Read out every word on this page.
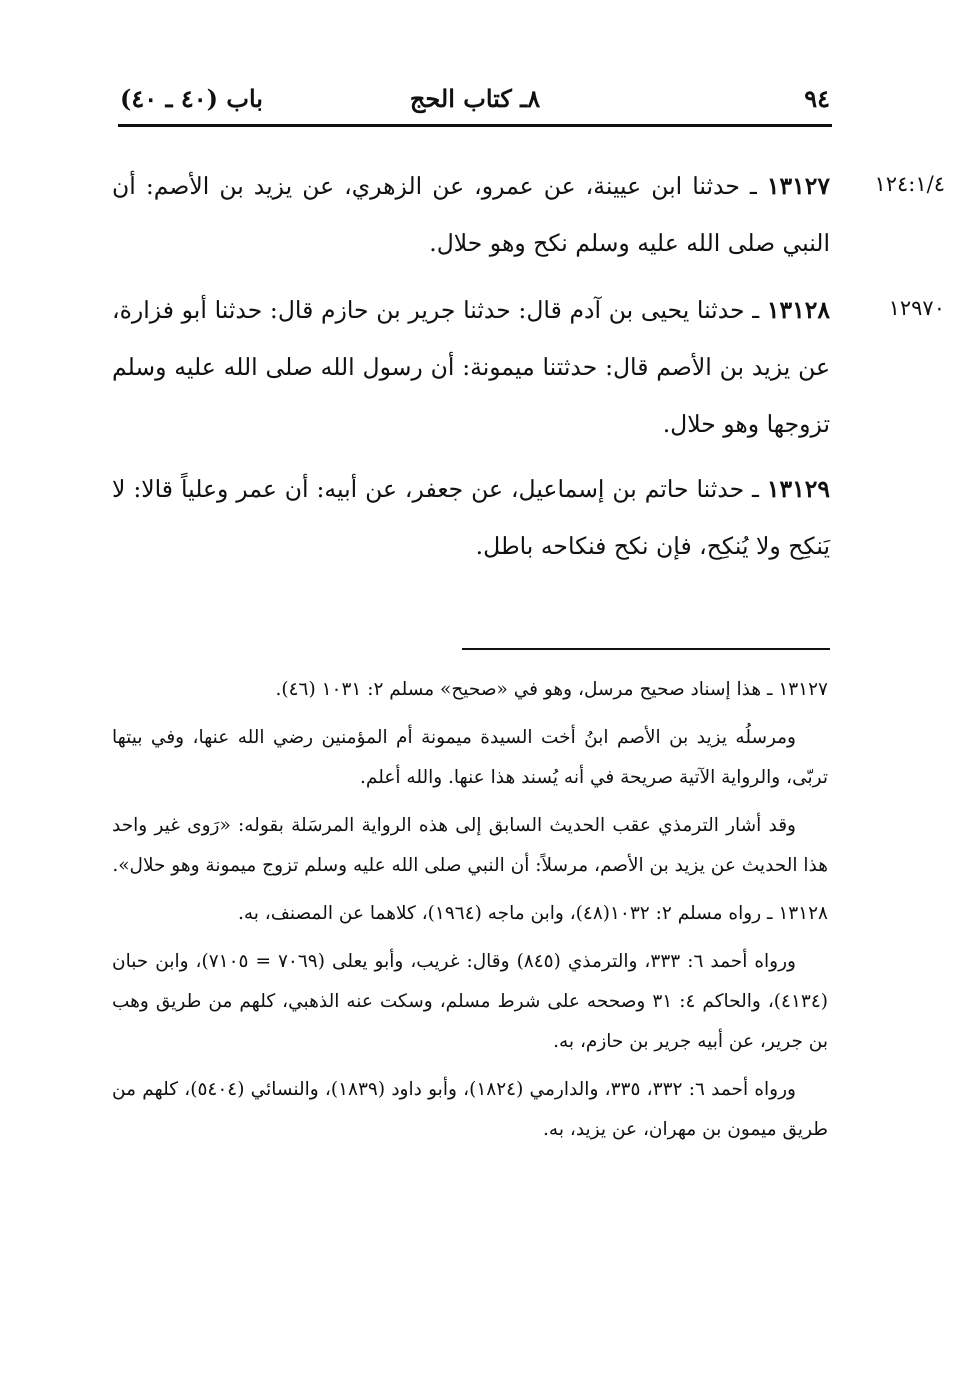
٩٤
٨ـ كتاب الحج
باب (٤٠ ـ ٤٠)
١٢٤:١/٤
١٢٩٧٠
١٣١٢٧ ـ حدثنا ابن عيينة، عن عمرو، عن الزهري، عن يزيد بن الأصم: أن النبي صلى الله عليه وسلم نكح وهو حلال.
١٣١٢٨ ـ حدثنا يحيى بن آدم قال: حدثنا جرير بن حازم قال: حدثنا أبو فزارة، عن يزيد بن الأصم قال: حدثتنا ميمونة: أن رسول الله صلى الله عليه وسلم تزوجها وهو حلال.
١٣١٢٩ ـ حدثنا حاتم بن إسماعيل، عن جعفر، عن أبيه: أن عمر وعلياً قالا: لا يَنكِح ولا يُنكِح، فإن نكح فنكاحه باطل.

١٣١٢٧ ـ هذا إسناد صحيح مرسل، وهو في «صحيح» مسلم ٢: ١٠٣١ (٤٦).

ومرسلُه يزيد بن الأصم ابنُ أخت السيدة ميمونة أم المؤمنين رضي الله عنها، وفي بيتها تربّى، والرواية الآتية صريحة في أنه يُسند هذا عنها. والله أعلم.

وقد أشار الترمذي عقب الحديث السابق إلى هذه الرواية المرسَلة بقوله: «رَوى غير واحد هذا الحديث عن يزيد بن الأصم، مرسلاً: أن النبي صلى الله عليه وسلم تزوج ميمونة وهو حلال».

١٣١٢٨ ـ رواه مسلم ٢: ١٠٣٢(٤٨)، وابن ماجه (١٩٦٤)، كلاهما عن المصنف، به.

ورواه أحمد ٦: ٣٣٣، والترمذي (٨٤٥) وقال: غريب، وأبو يعلى (٧٠٦٩ = ٧١٠٥)، وابن حبان (٤١٣٤)، والحاكم ٤: ٣١ وصححه على شرط مسلم، وسكت عنه الذهبي، كلهم من طريق وهب بن جرير، عن أبيه جرير بن حازم، به.

ورواه أحمد ٦: ٣٣٢، ٣٣٥، والدارمي (١٨٢٤)، وأبو داود (١٨٣٩)، والنسائي (٥٤٠٤)، كلهم من طريق ميمون بن مهران، عن يزيد، به.
